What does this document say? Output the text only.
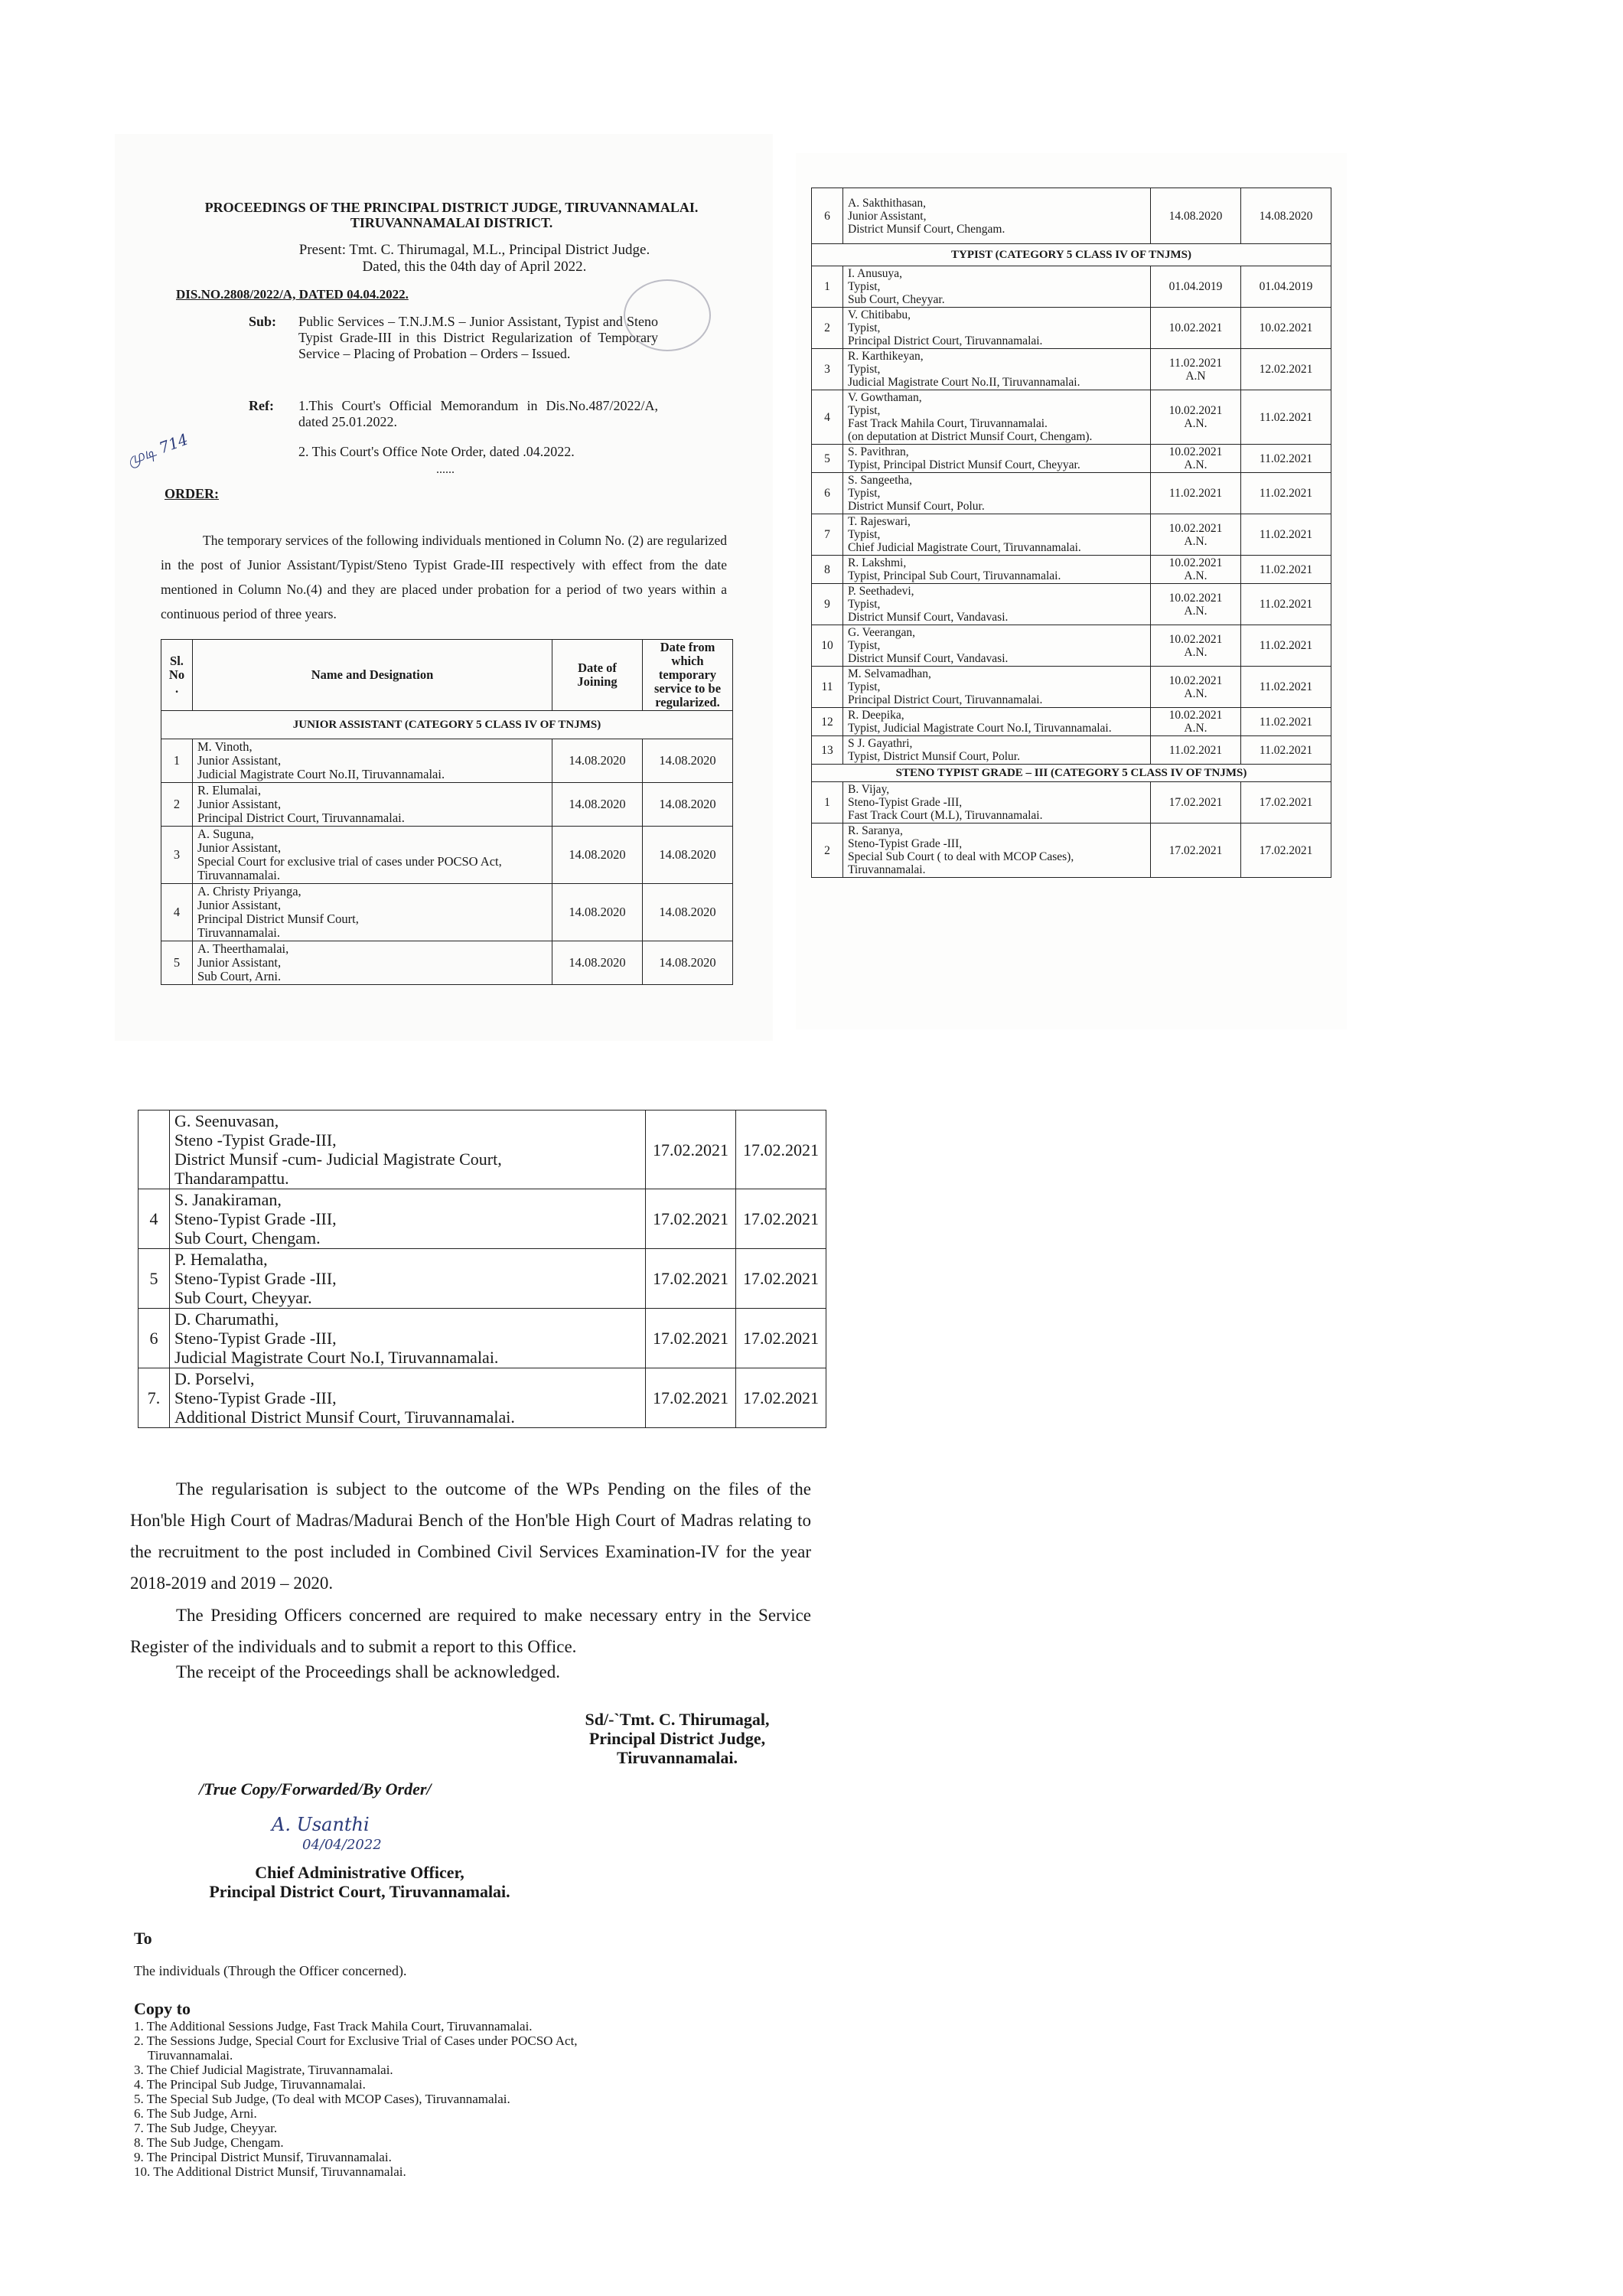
PROCEEDINGS OF THE PRINCIPAL DISTRICT JUDGE, TIRUVANNAMALAI.
TIRUVANNAMALAI DISTRICT.
Present: Tmt. C. Thirumagal, M.L., Principal District Judge.
Dated, this the 04th day of April 2022.
DIS.NO.2808/2022/A, DATED 04.04.2022.
Sub: Public Services – T.N.J.M.S – Junior Assistant, Typist and Steno Typist Grade-III in this District Regularization of Temporary Service – Placing of Probation – Orders – Issued.
Ref: 1.This Court's Official Memorandum in Dis.No.487/2022/A, dated 25.01.2022.
2. This Court's Office Note Order, dated .04.2022.
......
ORDER:
முடி 714
The temporary services of the following individuals mentioned in Column No. (2) are regularized in the post of Junior Assistant/Typist/Steno Typist Grade-III respectively with effect from the date mentioned in Column No.(4) and they are placed under probation for a period of two years within a continuous period of three years.
Sl. No .	Name and Designation	Date of Joining	Date from which temporary service to be regularized.
JUNIOR ASSISTANT (CATEGORY 5 CLASS IV OF TNJMS)			
1	M. Vinoth,
Junior Assistant,
Judicial Magistrate Court No.II, Tiruvannamalai.	14.08.2020	14.08.2020
2	R. Elumalai,
Junior Assistant,
Principal District Court, Tiruvannamalai.	14.08.2020	14.08.2020
3	A. Suguna,
Junior Assistant,
Special Court for exclusive trial of cases under POCSO Act,
Tiruvannamalai.	14.08.2020	14.08.2020
4	A. Christy Priyanga,
Junior Assistant,
Principal District Munsif Court,
Tiruvannamalai.	14.08.2020	14.08.2020
5	A. Theerthamalai,
Junior Assistant,
Sub Court, Arni.	14.08.2020	14.08.2020
6	A. Sakthithasan,
Junior Assistant,
District Munsif Court, Chengam.	14.08.2020	14.08.2020
TYPIST (CATEGORY 5 CLASS IV OF TNJMS)			
1	I. Anusuya,
Typist,
Sub Court, Cheyyar.	01.04.2019	01.04.2019
2	V. Chitibabu,
Typist,
Principal District Court, Tiruvannamalai.	10.02.2021	10.02.2021
3	R. Karthikeyan,
Typist,
Judicial Magistrate Court No.II, Tiruvannamalai.	11.02.2021
A.N	12.02.2021
4	V. Gowthaman,
Typist,
Fast Track Mahila Court, Tiruvannamalai.
(on deputation at District Munsif Court, Chengam).	10.02.2021
A.N.	11.02.2021
5	S. Pavithran,
Typist, Principal District Munsif Court, Cheyyar.	10.02.2021
A.N.	11.02.2021
6	S. Sangeetha,
Typist,
District Munsif Court, Polur.	11.02.2021	11.02.2021
7	T. Rajeswari,
Typist,
Chief Judicial Magistrate Court, Tiruvannamalai.	10.02.2021
A.N.	11.02.2021
8	R. Lakshmi,
Typist, Principal Sub Court, Tiruvannamalai.	10.02.2021
A.N.	11.02.2021
9	P. Seethadevi,
Typist,
District Munsif Court, Vandavasi.	10.02.2021
A.N.	11.02.2021
10	G. Veerangan,
Typist,
District Munsif Court, Vandavasi.	10.02.2021
A.N.	11.02.2021
11	M. Selvamadhan,
Typist,
Principal District Court, Tiruvannamalai.	10.02.2021
A.N.	11.02.2021
12	R. Deepika,
Typist, Judicial Magistrate Court No.I, Tiruvannamalai.	10.02.2021
A.N.	11.02.2021
13	S J. Gayathri,
Typist, District Munsif Court, Polur.	11.02.2021	11.02.2021
STENO TYPIST GRADE – III (CATEGORY 5 CLASS IV OF TNJMS)			
1	B. Vijay,
Steno-Typist Grade -III,
Fast Track Court (M.L), Tiruvannamalai.	17.02.2021	17.02.2021
2	R. Saranya,
Steno-Typist Grade -III,
Special Sub Court ( to deal with MCOP Cases),
Tiruvannamalai.	17.02.2021	17.02.2021

	G. Seenuvasan,
Steno -Typist Grade-III,
District Munsif -cum- Judicial Magistrate Court,
Thandarampattu.	17.02.2021	17.02.2021
4	S. Janakiraman,
Steno-Typist Grade -III,
Sub Court, Chengam.	17.02.2021	17.02.2021
5	P. Hemalatha,
Steno-Typist Grade -III,
Sub Court, Cheyyar.	17.02.2021	17.02.2021
6	D. Charumathi,
Steno-Typist Grade -III,
Judicial Magistrate Court No.I, Tiruvannamalai.	17.02.2021	17.02.2021
7.	D. Porselvi,
Steno-Typist Grade -III,
Additional District Munsif Court, Tiruvannamalai.	17.02.2021	17.02.2021
The regularisation is subject to the outcome of the WPs Pending on the files of the Hon'ble High Court of Madras/Madurai Bench of the Hon'ble High Court of Madras relating to the recruitment to the post included in Combined Civil Services Examination-IV for the year 2018-2019 and 2019 – 2020.
The Presiding Officers concerned are required to make necessary entry in the Service Register of the individuals and to submit a report to this Office.
The receipt of the Proceedings shall be acknowledged.
Sd/-`Tmt. C. Thirumagal,
Principal District Judge,
Tiruvannamalai.
/True Copy/Forwarded/By Order/
A. Usanthi
04/04/2022
Chief Administrative Officer,
Principal District Court, Tiruvannamalai.
To
The individuals (Through the Officer concerned).
Copy to
1. The Additional Sessions Judge, Fast Track Mahila Court, Tiruvannamalai.
2. The Sessions Judge, Special Court for Exclusive Trial of Cases under POCSO Act,
Tiruvannamalai.
3. The Chief Judicial Magistrate, Tiruvannamalai.
4. The Principal Sub Judge, Tiruvannamalai.
5. The Special Sub Judge, (To deal with MCOP Cases), Tiruvannamalai.
6. The Sub Judge, Arni.
7. The Sub Judge, Cheyyar.
8. The Sub Judge, Chengam.
9. The Principal District Munsif, Tiruvannamalai.
10. The Additional District Munsif, Tiruvannamalai.
